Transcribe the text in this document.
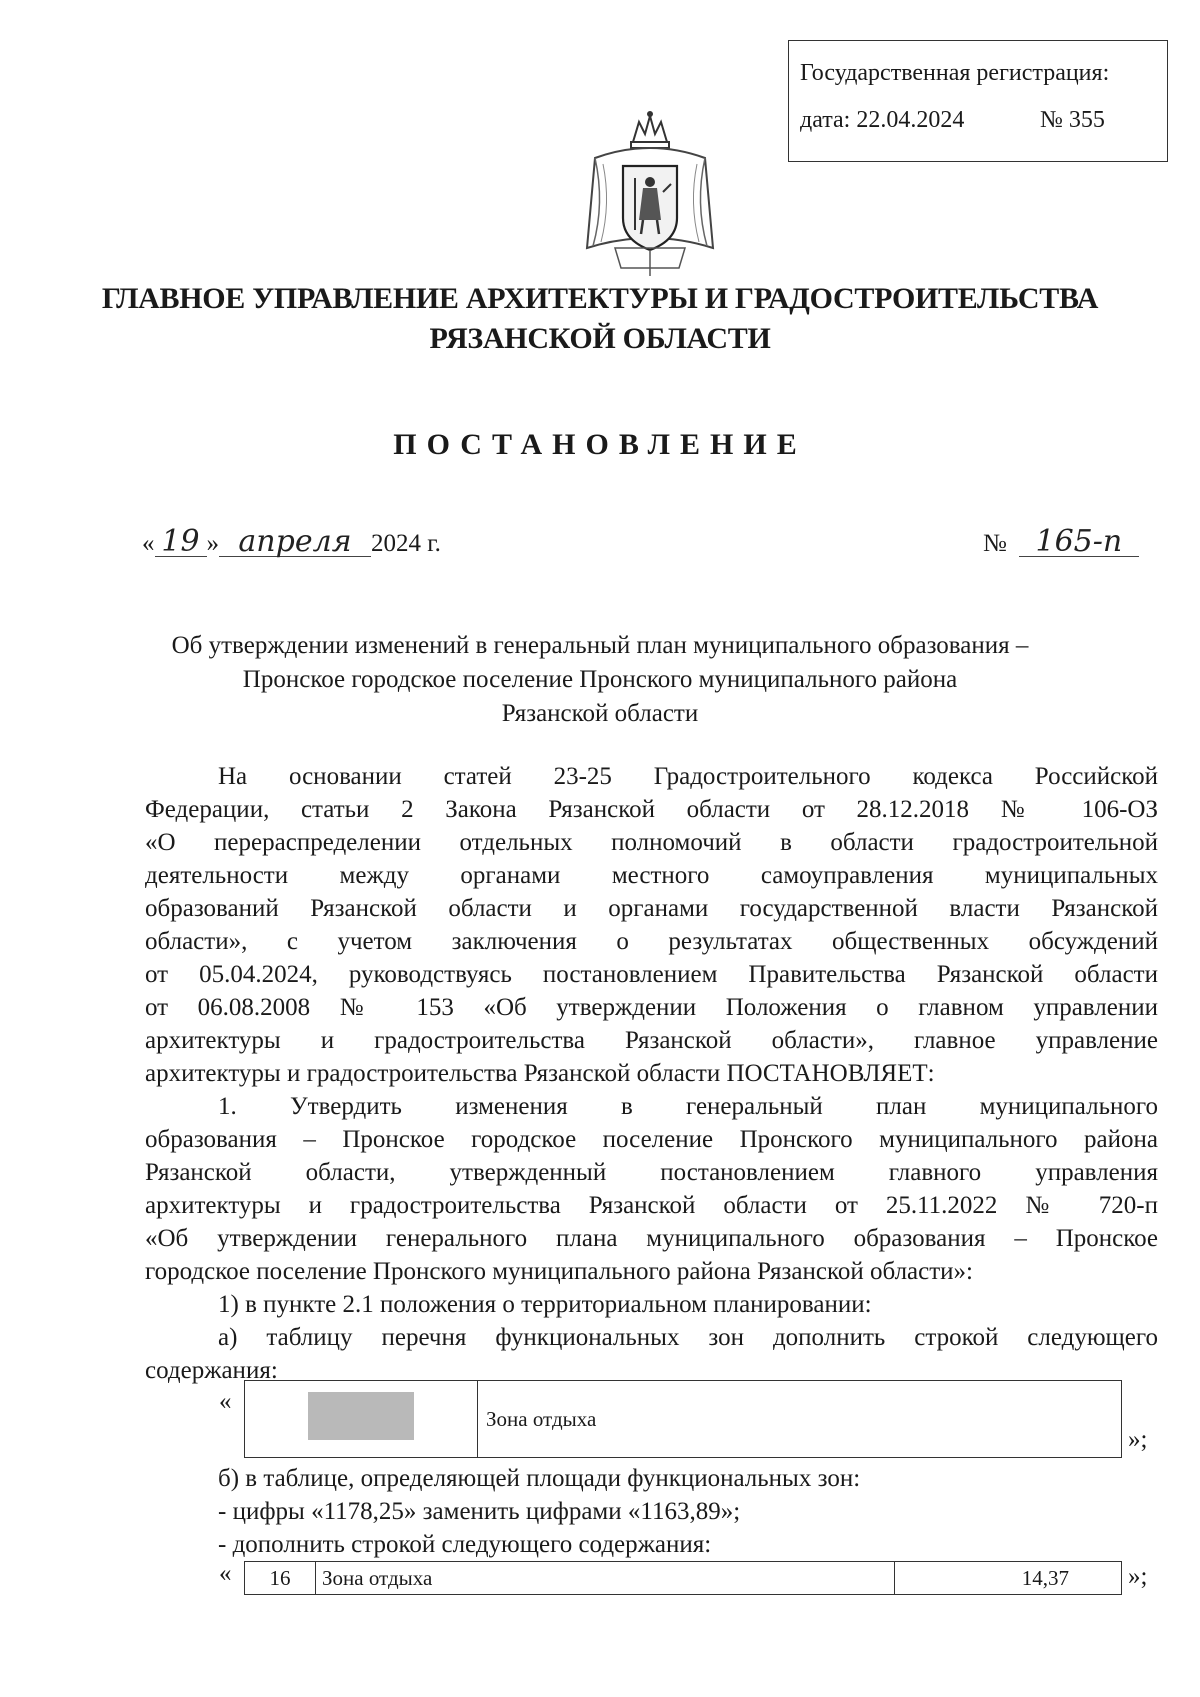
Государственная регистрация:
дата: 22.04.2024	№ 355
ГЛАВНОЕ УПРАВЛЕНИЕ АРХИТЕКТУРЫ И ГРАДОСТРОИТЕЛЬСТВА
РЯЗАНСКОЙ ОБЛАСТИ
ПОСТАНОВЛЕНИЕ
« 19 » апреля 2024 г.	№ 165-п
Об утверждении изменений в генеральный план муниципального образования –
Пронское городское поселение Пронского муниципального района
Рязанской области
На основании статей 23-25 Градостроительного кодекса Российской
Федерации, статьи 2 Закона Рязанской области от 28.12.2018 № 106-ОЗ
«О перераспределении отдельных полномочий в области градостроительной
деятельности между органами местного самоуправления муниципальных
образований Рязанской области и органами государственной власти Рязанской
области», с учетом заключения о результатах общественных обсуждений
от 05.04.2024, руководствуясь постановлением Правительства Рязанской области
от 06.08.2008 № 153 «Об утверждении Положения о главном управлении
архитектуры и градостроительства Рязанской области», главное управление
архитектуры и градостроительства Рязанской области ПОСТАНОВЛЯЕТ:
1. Утвердить изменения в генеральный план муниципального
образования – Пронское городское поселение Пронского муниципального района
Рязанской области, утвержденный постановлением главного управления
архитектуры и градостроительства Рязанской области от 25.11.2022 № 720-п
«Об утверждении генерального плана муниципального образования – Пронское
городское поселение Пронского муниципального района Рязанской области»:
1) в пункте 2.1 положения о территориальном планировании:
а) таблицу перечня функциональных зон дополнить строкой следующего
содержания:
«
	Зона отдыха
»;
б) в таблице, определяющей площади функциональных зон:
- цифры «1178,25» заменить цифрами «1163,89»;
- дополнить строкой следующего содержания:
« 16	Зона отдыха	14,37 »;
